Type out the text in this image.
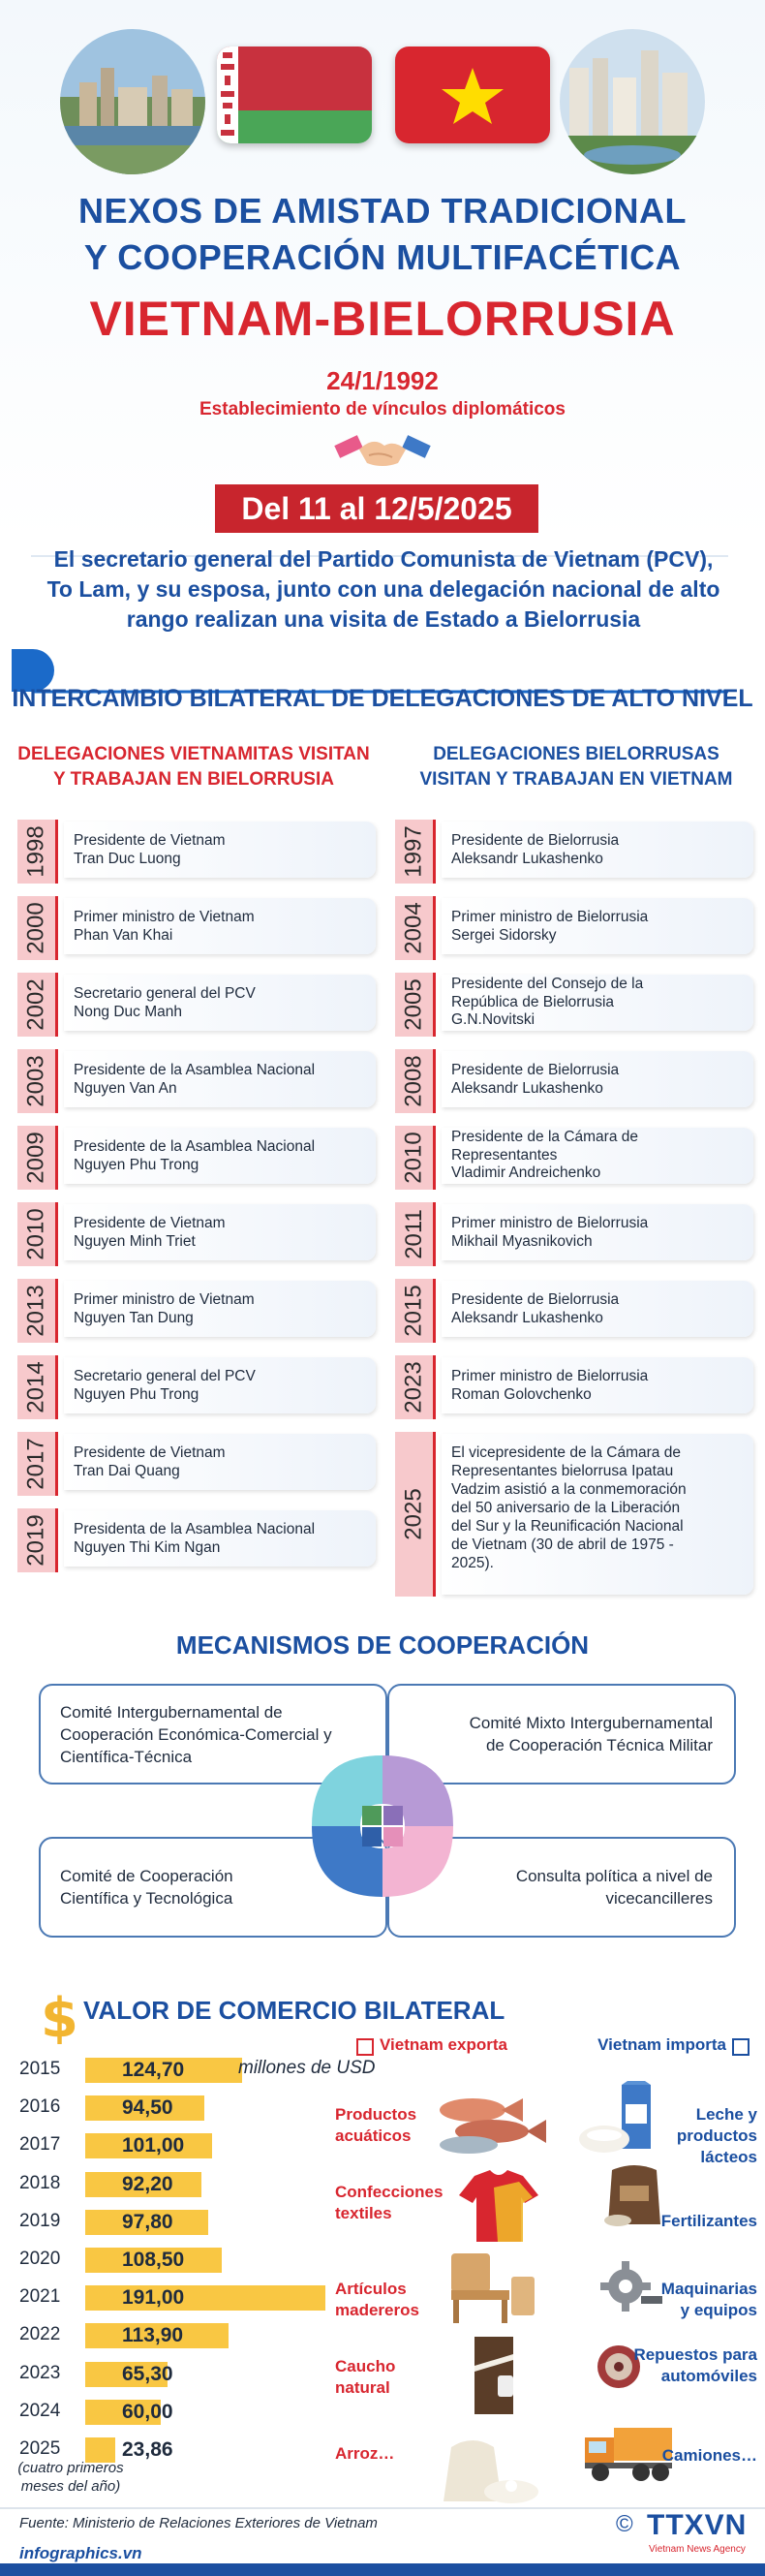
NEXOS DE AMISTAD TRADICIONAL
Y COOPERACIÓN MULTIFACÉTICA
VIETNAM-BIELORRUSIA
24/1/1992
Establecimiento de vínculos diplomáticos
Del 11 al 12/5/2025
El secretario general del Partido Comunista de Vietnam (PCV),
To Lam, y su esposa, junto con una delegación nacional de alto
rango realizan una visita de Estado a Bielorrusia
INTERCAMBIO BILATERAL DE DELEGACIONES DE ALTO NIVEL
DELEGACIONES VIETNAMITAS VISITAN
Y TRABAJAN EN BIELORRUSIA
DELEGACIONES BIELORRUSAS
VISITAN Y TRABAJAN EN VIETNAM
1998 Presidente de Vietnam
Tran Duc Luong
2000 Primer ministro de Vietnam
Phan Van Khai
2002 Secretario general del PCV
Nong Duc Manh
2003 Presidente de la Asamblea Nacional
Nguyen Van An
2009 Presidente de la Asamblea Nacional
Nguyen Phu Trong
2010 Presidente de Vietnam
Nguyen Minh Triet
2013 Primer ministro de Vietnam
Nguyen Tan Dung
2014 Secretario general del PCV
Nguyen Phu Trong
2017 Presidente de Vietnam
Tran Dai Quang
2019 Presidenta de la Asamblea Nacional
Nguyen Thi Kim Ngan
1997 Presidente de Bielorrusia
Aleksandr Lukashenko
2004 Primer ministro de Bielorrusia
Sergei Sidorsky
2005 Presidente del Consejo de la
República de Bielorrusia
G.N.Novitski
2008 Presidente de Bielorrusia
Aleksandr Lukashenko
2010 Presidente de la Cámara de
Representantes
Vladimir Andreichenko
2011 Primer ministro de Bielorrusia
Mikhail Myasnikovich
2015 Presidente de Bielorrusia
Aleksandr Lukashenko
2023 Primer ministro de Bielorrusia
Roman Golovchenko
2025
El vicepresidente de la Cámara de
Representantes bielorrusa Ipatau
Vadzim asistió a la conmemoración
del 50 aniversario de la Liberación
del Sur y la Reunificación Nacional
de Vietnam (30 de abril de 1975 -
2025).
MECANISMOS DE COOPERACIÓN
Comité Intergubernamental de
Cooperación Económica-Comercial y
Científica-Técnica
Comité Mixto Intergubernamental
de Cooperación Técnica Militar
Comité de Cooperación
Científica y Tecnológica
Consulta política a nivel de
vicecancilleres
$ VALOR DE COMERCIO BILATERAL
Vietnam exporta	Vietnam importa
2015	124,70
2016	94,50
2017	101,00
2018	92,20
2019	97,80
2020	108,50
2021	191,00
2022	113,90
2023	65,30
2024	60,00
2025	23,86
millones de USD
(cuatro primeros
meses del año)
Productos
acuáticos
Confecciones
textiles
Artículos
madereros
Caucho
natural
Arroz…
Leche y
productos
lácteos
Fertilizantes
Maquinarias
y equipos
Repuestos para
automóviles
Camiones…
Fuente: Ministerio de Relaciones Exteriores de Vietnam
infographics.vn
© TTXVN
Vietnam News Agency
